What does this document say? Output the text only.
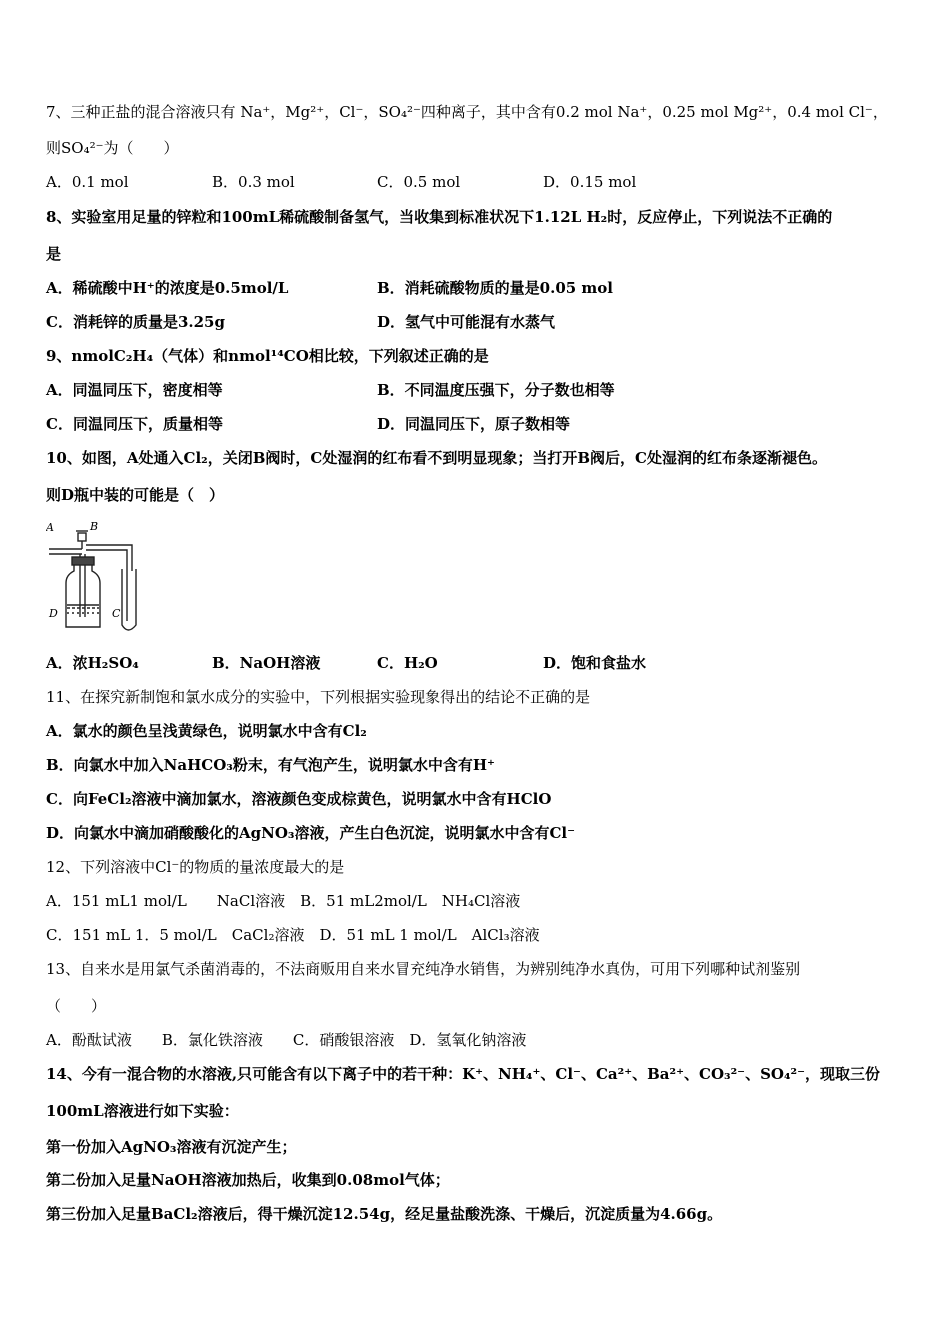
7、三种正盐的混合溶液只有 Na⁺，Mg²⁺，Cl⁻，SO₄²⁻四种离子，其中含有0.2 mol Na⁺，0.25 mol Mg²⁺，0.4 mol Cl⁻，
则SO₄²⁻为（　　）
A．0.1 mol	B．0.3 mol	C．0.5 mol	D．0.15 mol
8、实验室用足量的锌粒和100mL稀硫酸制备氢气，当收集到标准状况下1.12L H₂时，反应停止，下列说法不正确的
是
A．稀硫酸中H⁺的浓度是0.5mol/L	B．消耗硫酸物质的量是0.05 mol
C．消耗锌的质量是3.25g	D．氢气中可能混有水蒸气
9、nmolC₂H₄（气体）和nmol¹⁴CO相比较，下列叙述正确的是
A．同温同压下，密度相等	B．不同温度压强下，分子数也相等
C．同温同压下，质量相等	D．同温同压下，原子数相等
10、如图，A处通入Cl₂，关闭B阀时，C处湿润的红布看不到明显现象；当打开B阀后，C处湿润的红布条逐渐褪色。
则D瓶中装的可能是（　）
A	B
D	C
A．浓H₂SO₄	B．NaOH溶液	C．H₂O	D．饱和食盐水
11、在探究新制饱和氯水成分的实验中，下列根据实验现象得出的结论不正确的是
A．氯水的颜色呈浅黄绿色，说明氯水中含有Cl₂
B．向氯水中加入NaHCO₃粉末，有气泡产生，说明氯水中含有H⁺
C．向FeCl₂溶液中滴加氯水，溶液颜色变成棕黄色，说明氯水中含有HClO
D．向氯水中滴加硝酸酸化的AgNO₃溶液，产生白色沉淀，说明氯水中含有Cl⁻
12、下列溶液中Cl⁻的物质的量浓度最大的是
A．151 mL1 mol/L　　NaCl溶液　B．51 mL2mol/L　NH₄Cl溶液
C．151 mL 1．5 mol/L　CaCl₂溶液　D．51 mL 1 mol/L　AlCl₃溶液
13、自来水是用氯气杀菌消毒的，不法商贩用自来水冒充纯净水销售，为辨别纯净水真伪，可用下列哪种试剂鉴别
（　　）
A．酚酞试液　　B．氯化铁溶液　　C．硝酸银溶液　D．氢氧化钠溶液
14、今有一混合物的水溶液,只可能含有以下离子中的若干种：K⁺、NH₄⁺、Cl⁻、Ca²⁺、Ba²⁺、CO₃²⁻、SO₄²⁻，现取三份
100mL溶液进行如下实验：
第一份加入AgNO₃溶液有沉淀产生；
第二份加入足量NaOH溶液加热后，收集到0.08mol气体；
第三份加入足量BaCl₂溶液后，得干燥沉淀12.54g，经足量盐酸洗涤、干燥后，沉淀质量为4.66g。
